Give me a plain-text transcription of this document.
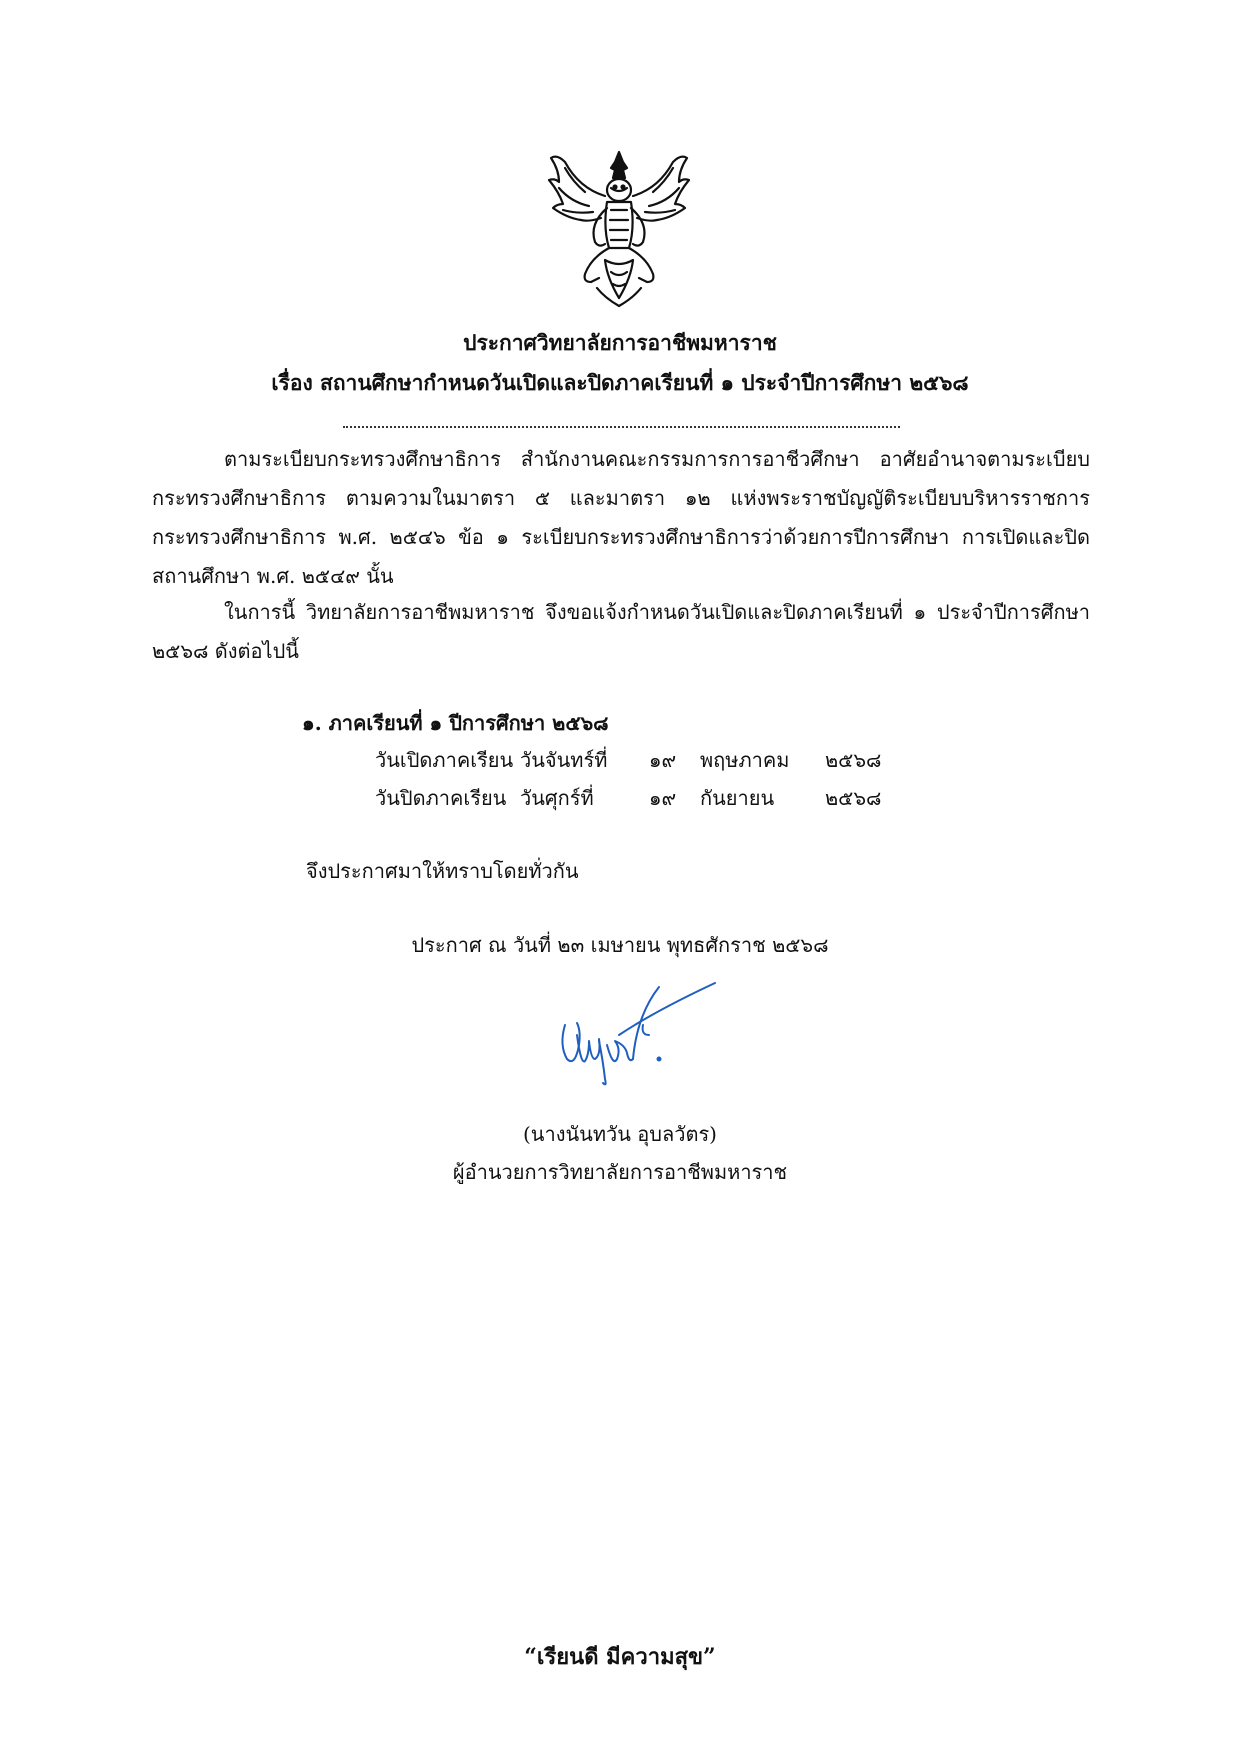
ประกาศวิทยาลัยการอาชีพมหาราช
เรื่อง สถานศึกษากำหนดวันเปิดและปิดภาคเรียนที่ ๑ ประจำปีการศึกษา ๒๕๖๘
ตามระเบียบกระทรวงศึกษาธิการ สำนักงานคณะกรรมการการอาชีวศึกษา อาศัยอำนาจตามระเบียบกระทรวงศึกษาธิการ ตามความในมาตรา ๕ และมาตรา ๑๒ แห่งพระราชบัญญัติระเบียบบริหารราชการกระทรวงศึกษาธิการ พ.ศ. ๒๕๔๖ ข้อ ๑ ระเบียบกระทรวงศึกษาธิการว่าด้วยการปีการศึกษา การเปิดและปิดสถานศึกษา พ.ศ. ๒๕๔๙ นั้น
ในการนี้ วิทยาลัยการอาชีพมหาราช จึงขอแจ้งกำหนดวันเปิดและปิดภาคเรียนที่ ๑ ประจำปีการศึกษา ๒๕๖๘ ดังต่อไปนี้
๑. ภาคเรียนที่ ๑ ปีการศึกษา ๒๕๖๘
วันเปิดภาคเรียน วันจันทร์ที่ ๑๙ พฤษภาคม ๒๕๖๘
วันปิดภาคเรียน วันศุกร์ที่	๑๙ กันยายน	๒๕๖๘
จึงประกาศมาให้ทราบโดยทั่วกัน
ประกาศ ณ วันที่ ๒๓ เมษายน พุทธศักราช ๒๕๖๘
(นางนันทวัน อุบลวัตร)
ผู้อำนวยการวิทยาลัยการอาชีพมหาราช
“เรียนดี มีความสุข”
